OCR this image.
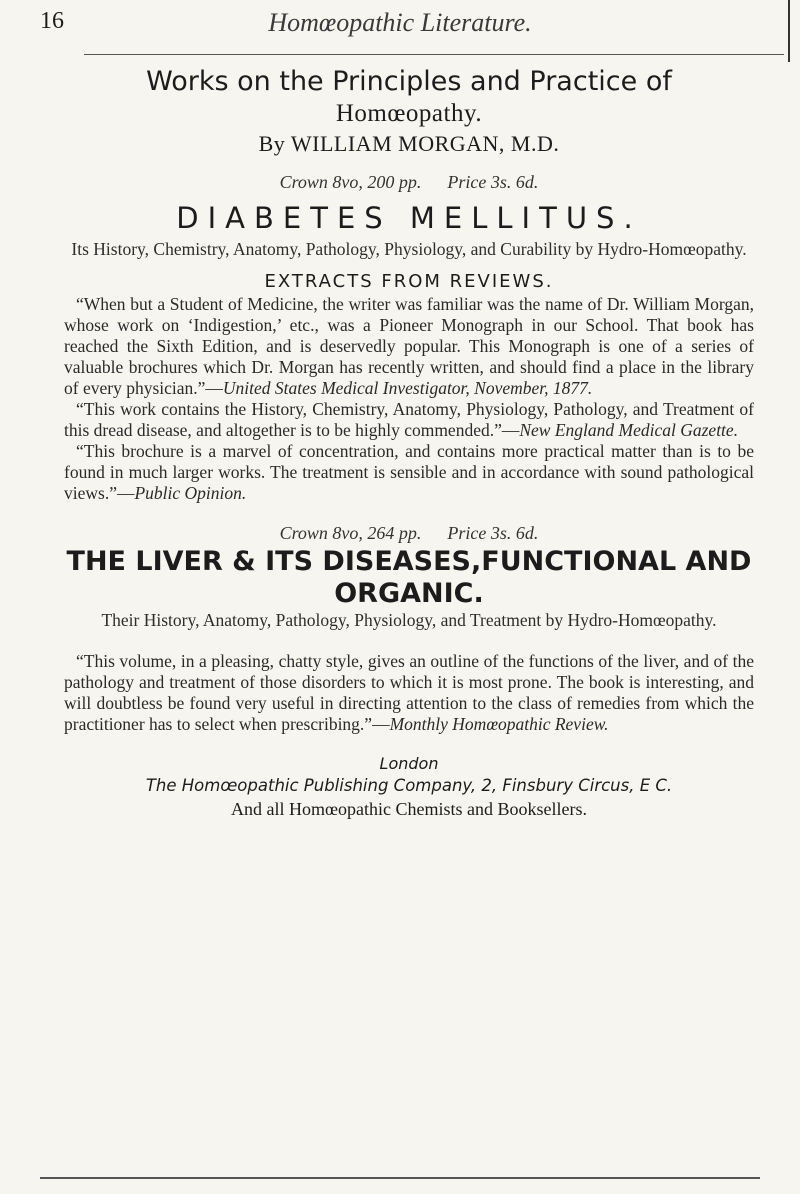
16	Homœopathic Literature.
Works on the Principles and Practice of
Homœopathy.
By WILLIAM MORGAN, M.D.
Crown 8vo, 200 pp. Price 3s. 6d.
DIABETES MELLITUS.
Its History, Chemistry, Anatomy, Pathology, Physiology, and Curability by Hydro-Homœopathy.
EXTRACTS FROM REVIEWS.

“When but a Student of Medicine, the writer was familiar was the name of Dr. William Morgan, whose work on ‘Indigestion,’ etc., was a Pioneer Monograph in our School. That book has reached the Sixth Edition, and is deservedly popular. This Monograph is one of a series of valuable brochures which Dr. Morgan has recently written, and should find a place in the library of every physician.”—United States Medical Investigator, November, 1877.

“This work contains the History, Chemistry, Anatomy, Physiology, Pathology, and Treatment of this dread disease, and altogether is to be highly commended.”—New England Medical Gazette.

“This brochure is a marvel of concentration, and contains more practical matter than is to be found in much larger works. The treatment is sensible and in accordance with sound pathological views.”—Public Opinion.

Crown 8vo, 264 pp. Price 3s. 6d.
THE LIVER & ITS DISEASES,FUNCTIONAL AND ORGANIC.
Their History, Anatomy, Pathology, Physiology, and Treatment by Hydro-Homœopathy.

“This volume, in a pleasing, chatty style, gives an outline of the functions of the liver, and of the pathology and treatment of those disorders to which it is most prone. The book is interesting, and will doubtless be found very useful in directing attention to the class of remedies from which the practitioner has to select when prescribing.”—Monthly Homœopathic Review.

London
The Homœopathic Publishing Company, 2, Finsbury Circus, E C.
And all Homœopathic Chemists and Booksellers.
